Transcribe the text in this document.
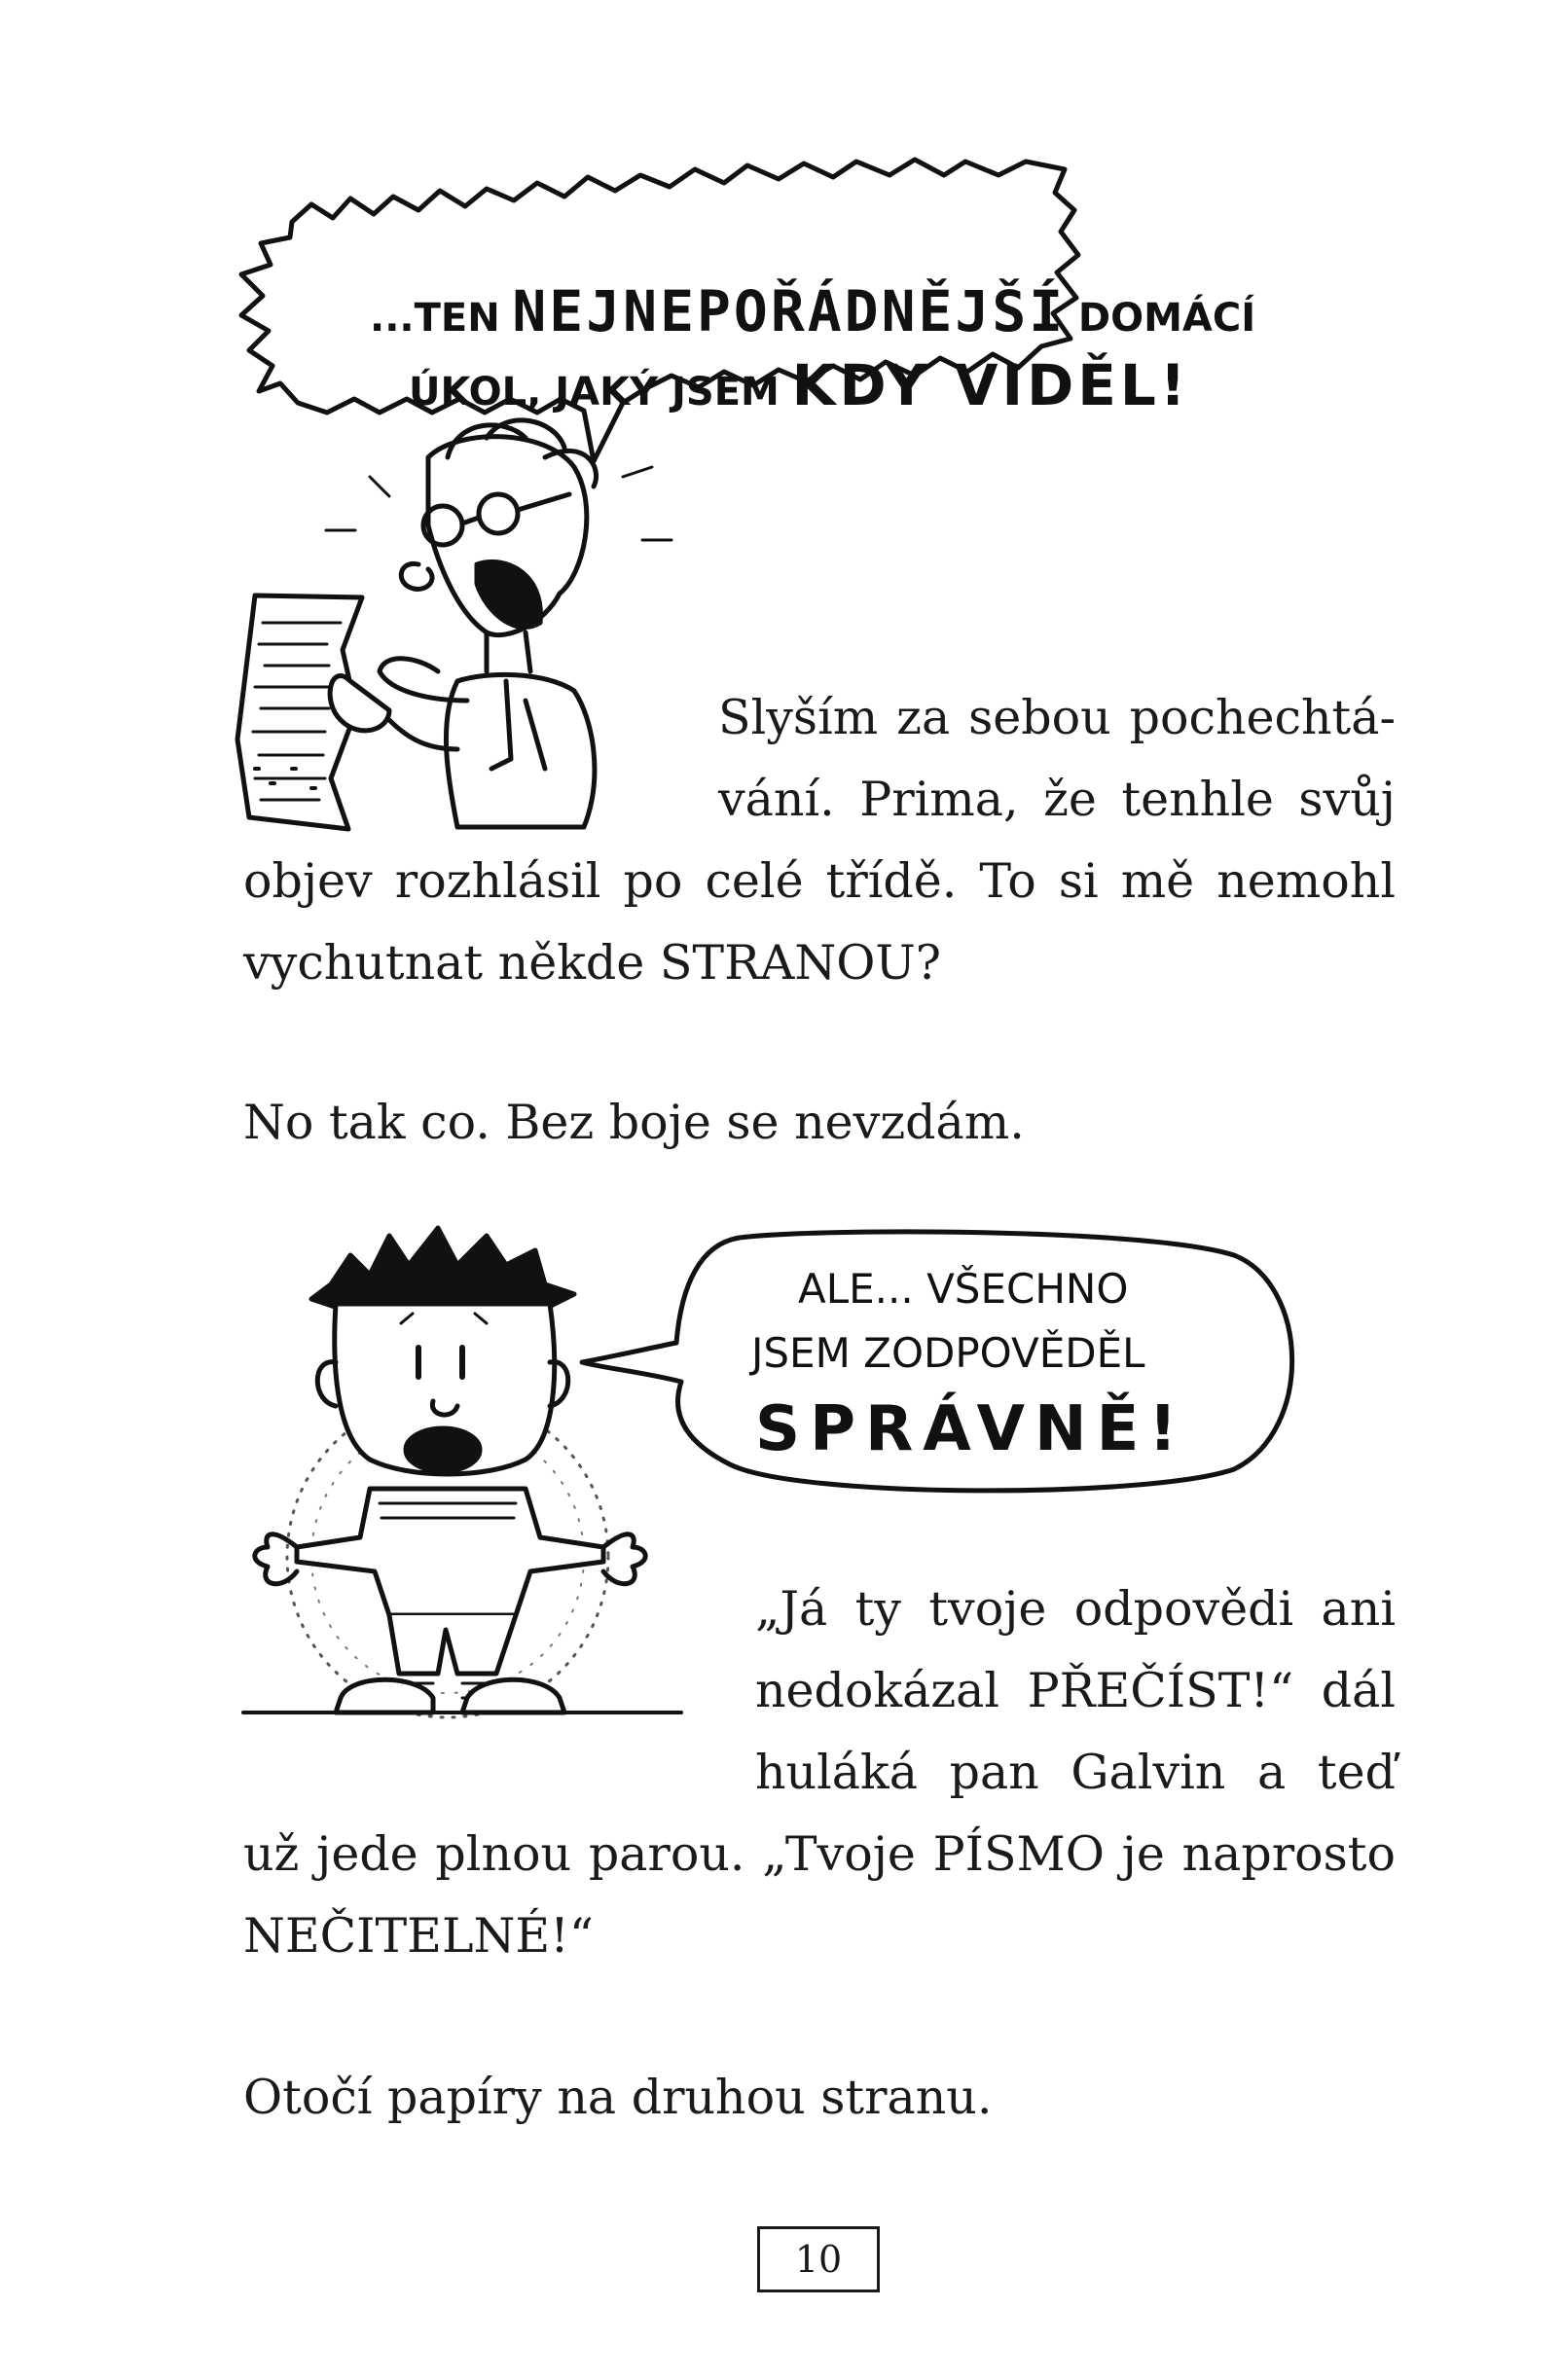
...TEN NEJNEPOŘÁDNĚJŠÍ DOMÁCÍ
ÚKOL, JAKÝ JSEM KDY VIDĚL!
Slyším za sebou pochechtá-
vání. Prima, že tenhle svůj
objev rozhlásil po celé třídě. To si mě nemohl
vychutnat někde STRANOU?
No tak co. Bez boje se nevzdám.
ALE... VŠECHNO
JSEM ZODPOVĚDĚL
SPRÁVNĚ!
„Já ty tvoje odpovědi ani
nedokázal PŘEČÍST!“ dál
huláká pan Galvin a teď
už jede plnou parou. „Tvoje PÍSMO je naprosto
NEČITELNÉ!“
Otočí papíry na druhou stranu.
10
